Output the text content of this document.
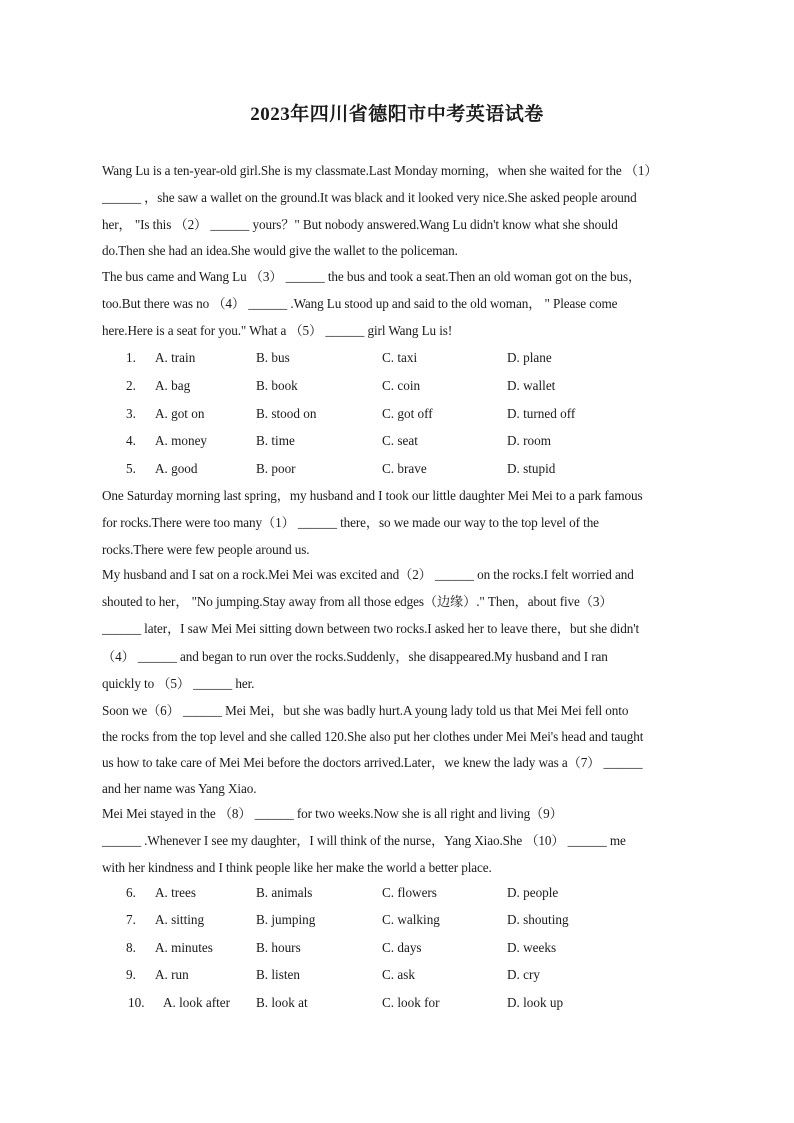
2023年四川省德阳市中考英语试卷
Wang Lu is a ten-year-old girl.She is my classmate.Last Monday morning，when she waited for the （1）
______ ，she saw a wallet on the ground.It was black and it looked very nice.She asked people around
her， "Is this （2） ______ yours？" But nobody answered.Wang Lu didn't know what she should
do.Then she had an idea.She would give the wallet to the policeman.
The bus came and Wang Lu （3） ______ the bus and took a seat.Then an old woman got on the bus，
too.But there was no （4） ______ .Wang Lu stood up and said to the old woman， " Please come
here.Here is a seat for you." What a （5） ______ girl Wang Lu is!
1. A. train	B. bus	C. taxi	D. plane
2. A. bag	B. book	C. coin	D. wallet
3. A. got on	B. stood on	C. got off	D. turned off
4. A. money	B. time	C. seat	D. room
5. A. good	B. poor	C. brave	D. stupid
One Saturday morning last spring，my husband and I took our little daughter Mei Mei to a park famous
for rocks.There were too many（1） ______ there，so we made our way to the top level of the
rocks.There were few people around us.
My husband and I sat on a rock.Mei Mei was excited and（2） ______ on the rocks.I felt worried and
shouted to her， "No jumping.Stay away from all those edges（边缘）." Then，about five（3）
______ later，I saw Mei Mei sitting down between two rocks.I asked her to leave there，but she didn't
（4） ______ and began to run over the rocks.Suddenly，she disappeared.My husband and I ran
quickly to （5） ______ her.
Soon we（6） ______ Mei Mei，but she was badly hurt.A young lady told us that Mei Mei fell onto
the rocks from the top level and she called 120.She also put her clothes under Mei Mei's head and taught
us how to take care of Mei Mei before the doctors arrived.Later，we knew the lady was a（7） ______
and her name was Yang Xiao.
Mei Mei stayed in the （8） ______ for two weeks.Now she is all right and living（9）
______ .Whenever I see my daughter，I will think of the nurse，Yang Xiao.She （10） ______ me
with her kindness and I think people like her make the world a better place.
6. A. trees	B. animals	C. flowers	D. people
7. A. sitting	B. jumping	C. walking	D. shouting
8. A. minutes	B. hours	C. days	D. weeks
9. A. run	B. listen	C. ask	D. cry
10. A. look after B. look at	C. look for	D. look up
